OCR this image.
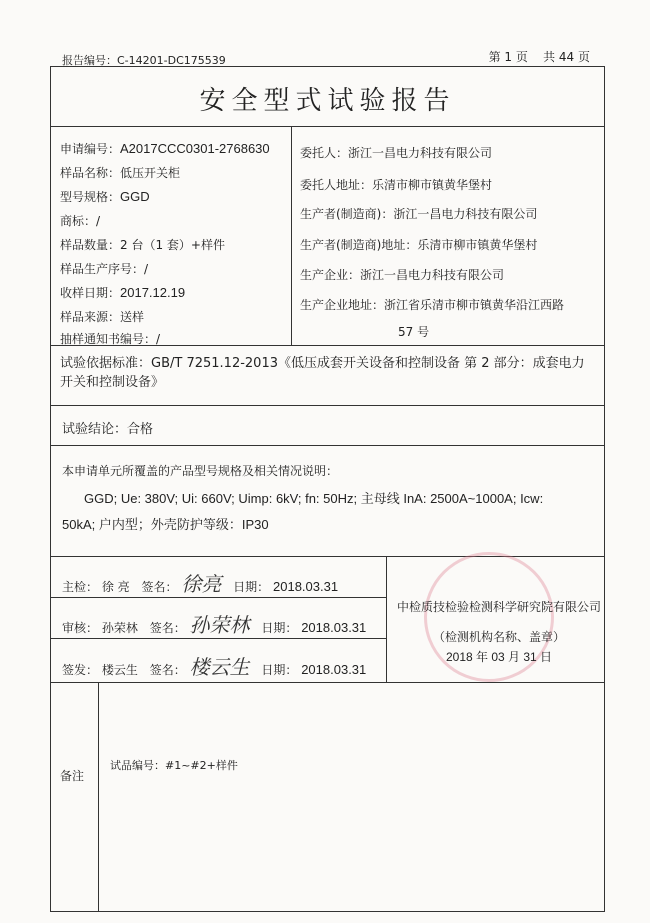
报告编号：C-14201-DC175539	第 1 页    共 44 页
安全型式试验报告
申请编号：A2017CCC0301-2768630
样品名称：低压开关柜
型号规格：GGD
商标：/
样品数量：2 台（1 套）+样件
样品生产序号：/
收样日期：2017.12.19
样品来源：送样
抽样通知书编号：/
委托人：浙江一昌电力科技有限公司
委托人地址：乐清市柳市镇黄华堡村
生产者(制造商)：浙江一昌电力科技有限公司
生产者(制造商)地址：乐清市柳市镇黄华堡村
生产企业：浙江一昌电力科技有限公司
生产企业地址：浙江省乐清市柳市镇黄华沿江西路
57 号
试验依据标准：GB/T 7251.12-2013《低压成套开关设备和控制设备 第 2 部分：成套电力开关和控制设备》
试验结论：合格
本申请单元所覆盖的产品型号规格及相关情况说明：
GGD; Ue: 380V; Ui: 660V; Uimp: 6kV; fn: 50Hz; 主母线 InA: 2500A~1000A; Icw:
50kA; 户内型；外壳防护等级：IP30
主检： 徐 亮 签名： 徐亮 日期： 2018.03.31
审核： 孙荣林 签名： 孙荣林 日期： 2018.03.31
签发： 楼云生 签名： 楼云生 日期： 2018.03.31
中检质技检验检测科学研究院有限公司
（检测机构名称、盖章）
2018 年 03 月 31 日
备注
试品编号：#1~#2+样件
